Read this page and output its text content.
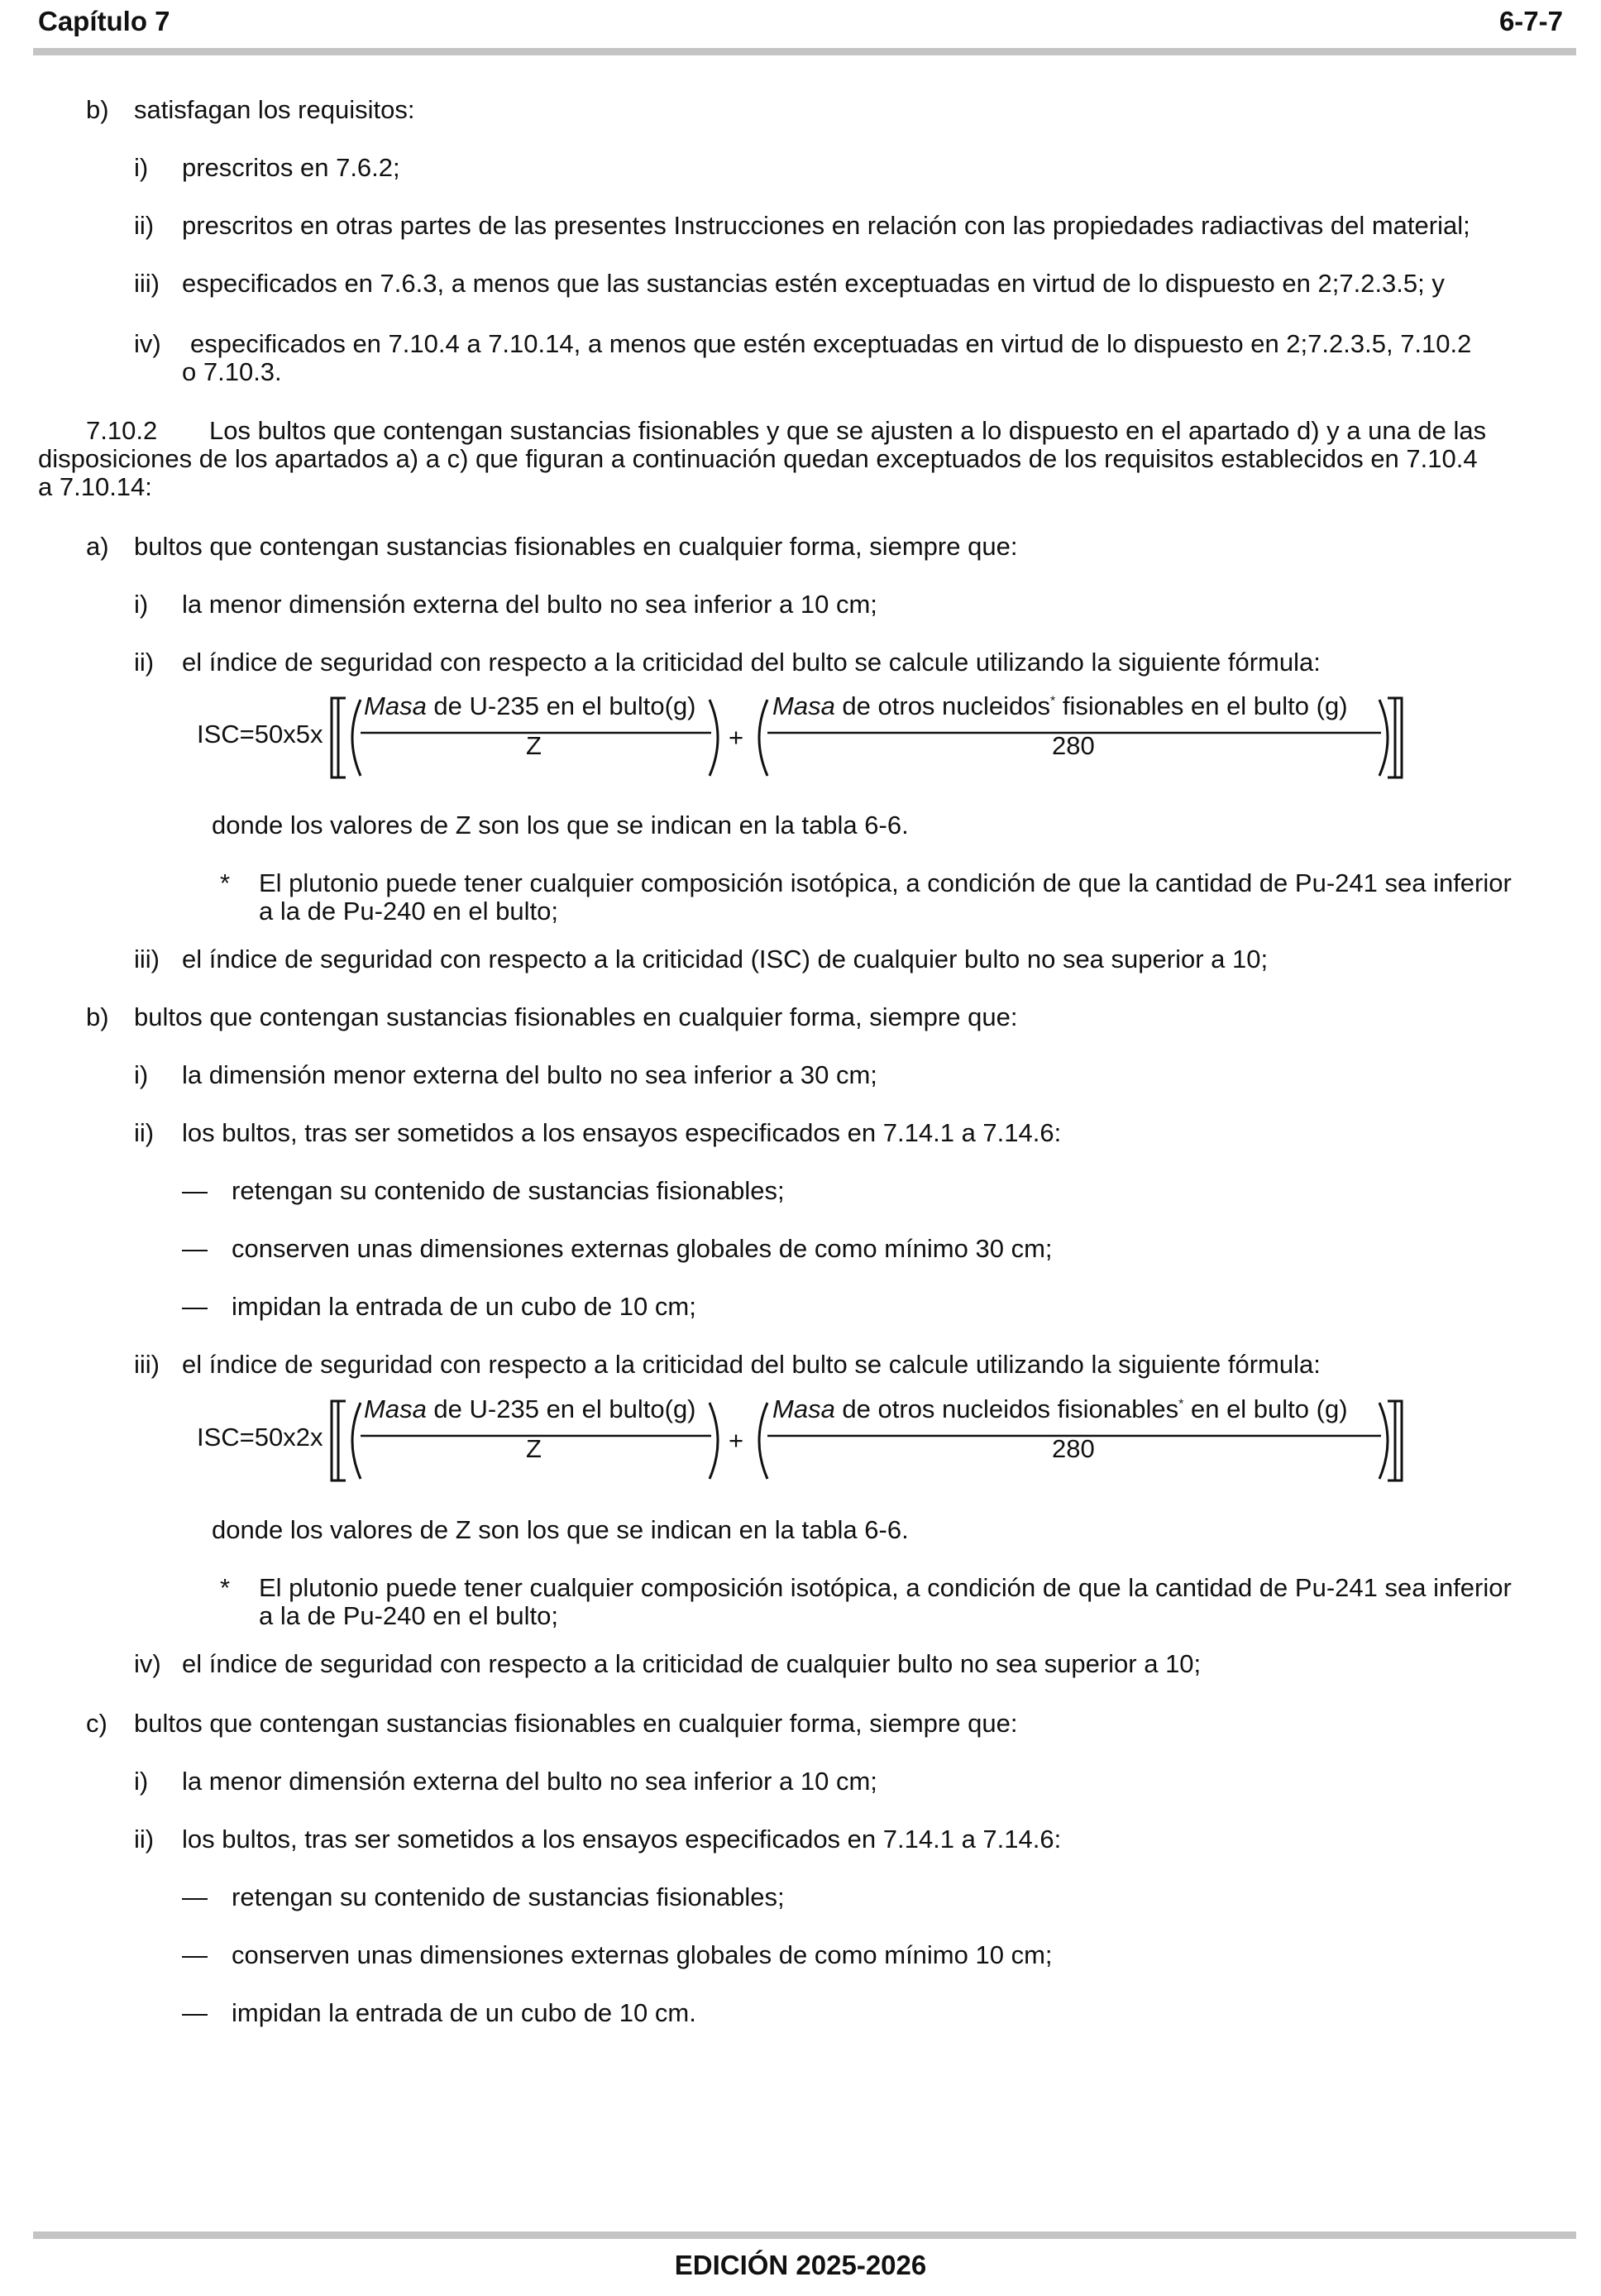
Capítulo 7	6-7-7
b) satisfagan los requisitos:
i) prescritos en 7.6.2;
ii) prescritos en otras partes de las presentes Instrucciones en relación con las propiedades radiactivas del material;
iii) especificados en 7.6.3, a menos que las sustancias estén exceptuadas en virtud de lo dispuesto en 2;7.2.3.5; y
iv) especificados en 7.10.4 a 7.10.14, a menos que estén exceptuadas en virtud de lo dispuesto en 2;7.2.3.5, 7.10.2
o 7.10.3.
7.10.2 Los bultos que contengan sustancias fisionables y que se ajusten a lo dispuesto en el apartado d) y a una de las
disposiciones de los apartados a) a c) que figuran a continuación quedan exceptuados de los requisitos establecidos en 7.10.4
a 7.10.14:
a) bultos que contengan sustancias fisionables en cualquier forma, siempre que:
i) la menor dimensión externa del bulto no sea inferior a 10 cm;
ii) el índice de seguridad con respecto a la criticidad del bulto se calcule utilizando la siguiente fórmula:
ISC=50x5x
Masa de U-235 en el bulto(g)
Z	+
Masa de otros nucleidos* fisionables en el bulto (g)
280
donde los valores de Z son los que se indican en la tabla 6-6.
* El plutonio puede tener cualquier composición isotópica, a condición de que la cantidad de Pu-241 sea inferior
a la de Pu-240 en el bulto;
iii) el índice de seguridad con respecto a la criticidad (ISC) de cualquier bulto no sea superior a 10;
b) bultos que contengan sustancias fisionables en cualquier forma, siempre que:
i) la dimensión menor externa del bulto no sea inferior a 30 cm;
ii) los bultos, tras ser sometidos a los ensayos especificados en 7.14.1 a 7.14.6:
— retengan su contenido de sustancias fisionables;
— conserven unas dimensiones externas globales de como mínimo 30 cm;
— impidan la entrada de un cubo de 10 cm;
iii) el índice de seguridad con respecto a la criticidad del bulto se calcule utilizando la siguiente fórmula:
ISC=50x2x
Masa de U-235 en el bulto(g)
Z	+
Masa de otros nucleidos fisionables* en el bulto (g)
280
donde los valores de Z son los que se indican en la tabla 6-6.
* El plutonio puede tener cualquier composición isotópica, a condición de que la cantidad de Pu-241 sea inferior
a la de Pu-240 en el bulto;
iv) el índice de seguridad con respecto a la criticidad de cualquier bulto no sea superior a 10;
c) bultos que contengan sustancias fisionables en cualquier forma, siempre que:
i) la menor dimensión externa del bulto no sea inferior a 10 cm;
ii) los bultos, tras ser sometidos a los ensayos especificados en 7.14.1 a 7.14.6:
— retengan su contenido de sustancias fisionables;
— conserven unas dimensiones externas globales de como mínimo 10 cm;
— impidan la entrada de un cubo de 10 cm.
EDICIÓN 2025-2026
